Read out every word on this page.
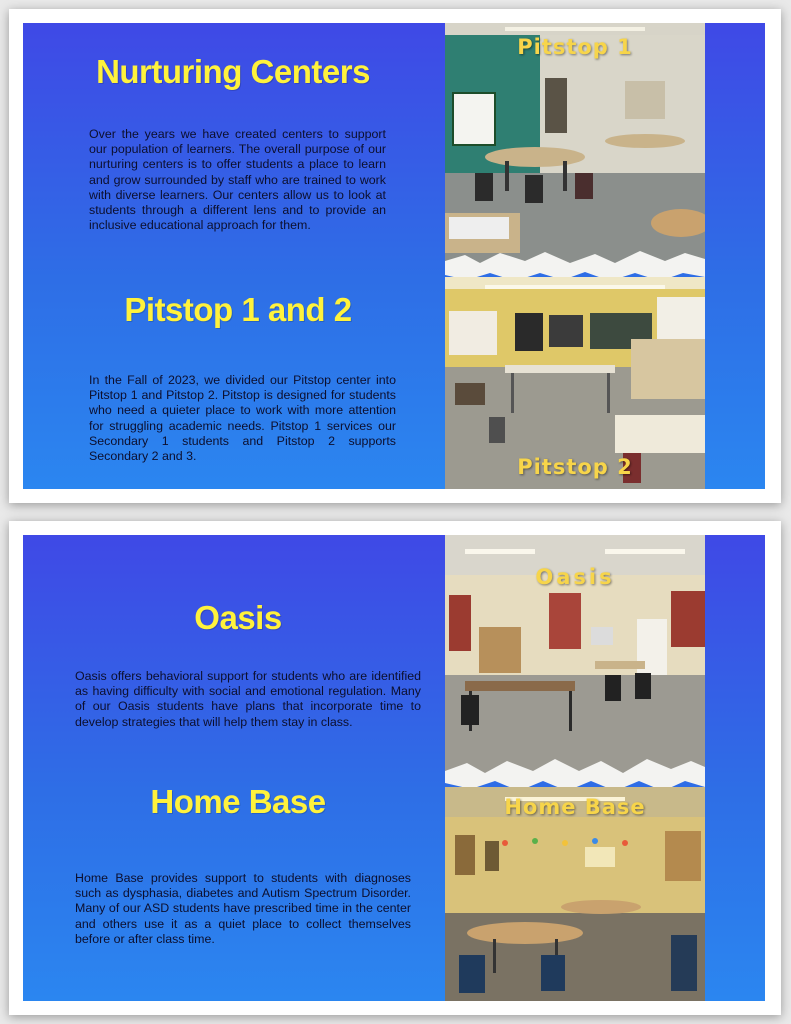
Nurturing Centers

Over the years we have created centers to support our population of learners. The overall purpose of our nurturing centers is to offer students a place to learn and grow surrounded by staff who are trained to work with diverse learners. Our centers allow us to look at students through a different lens and to provide an inclusive educational approach for them.

Pitstop 1 and 2

In the Fall of 2023, we divided our Pitstop center into Pitstop 1 and Pitstop 2. Pitstop is designed for students who need a quieter place to work with more attention for struggling academic needs. Pitstop 1 services our Secondary 1 students and Pitstop 2 supports Secondary 2 and 3.

Pitstop 1
Pitstop 2
Oasis

Oasis offers behavioral support for students who are identified as having difficulty with social and emotional regulation. Many of our Oasis students have plans that incorporate time to develop strategies that will help them stay in class.

Home Base

Home Base provides support to students with diagnoses such as dysphasia, diabetes and Autism Spectrum Disorder. Many of our ASD students have prescribed time in the center and others use it as a quiet place to collect themselves before or after class time.

Oasis
Home Base
